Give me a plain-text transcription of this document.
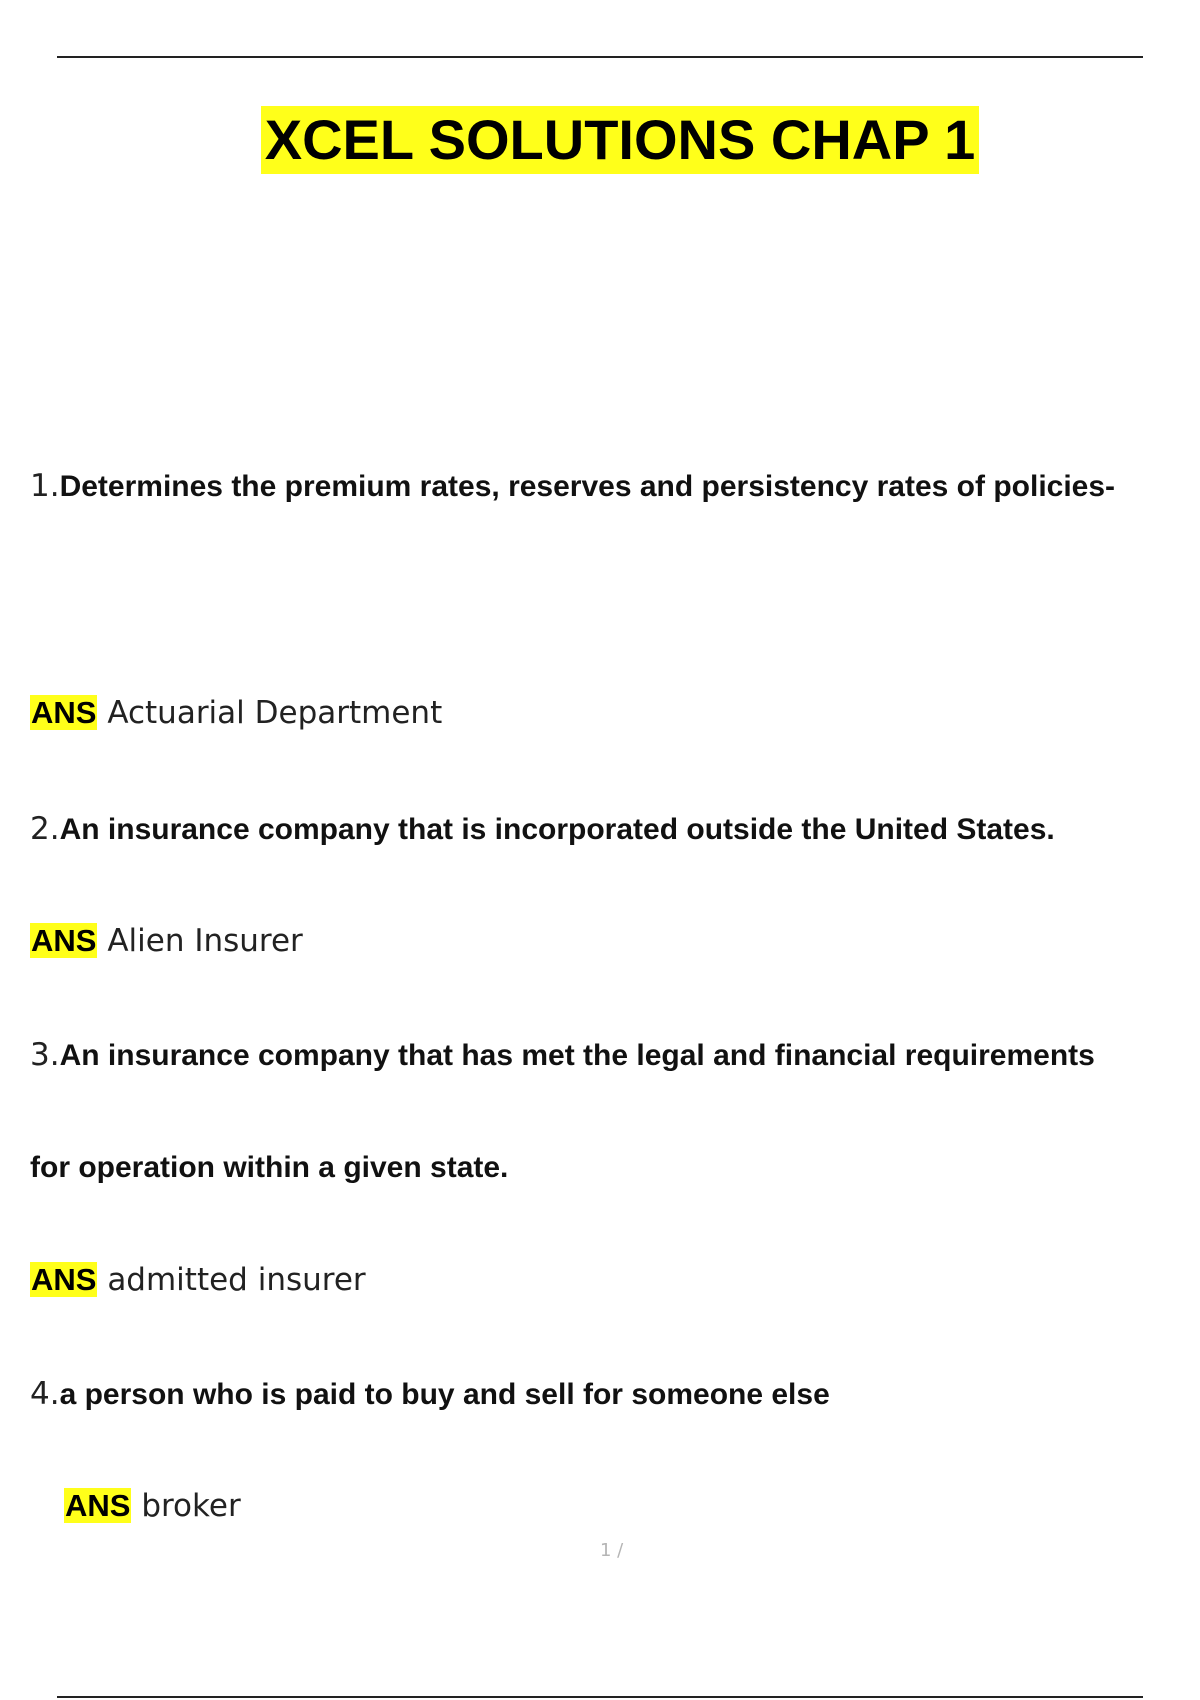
XCEL SOLUTIONS CHAP 1
1.Determines the premium rates, reserves and persistency rates of policies-
ANS Actuarial Department
2.An insurance company that is incorporated outside the United States.
ANS Alien Insurer
3.An insurance company that has met the legal and financial requirements
for operation within a given state.
ANS admitted insurer
4.a person who is paid to buy and sell for someone else
ANS broker
1 /
